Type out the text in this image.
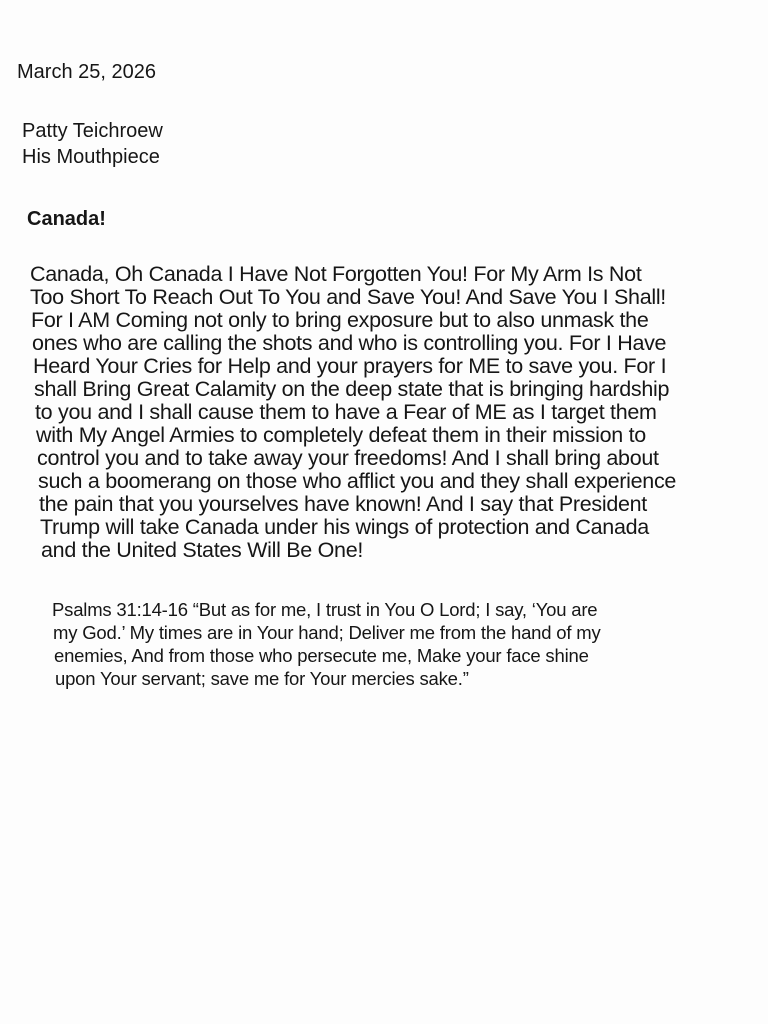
March 25, 2026
Patty Teichroew
His Mouthpiece
Canada!
Canada, Oh Canada I Have Not Forgotten You! For My Arm Is Not
Too Short To Reach Out To You and Save You! And Save You I Shall!
For I AM Coming not only to bring exposure but to also unmask the
ones who are calling the shots and who is controlling you. For I Have
Heard Your Cries for Help and your prayers for ME to save you. For I
shall Bring Great Calamity on the deep state that is bringing hardship
to you and I shall cause them to have a Fear of ME as I target them
with My Angel Armies to completely defeat them in their mission to
control you and to take away your freedoms! And I shall bring about
such a boomerang on those who afflict you and they shall experience
the pain that you yourselves have known! And I say that President
Trump will take Canada under his wings of protection and Canada
and the United States Will Be One!
Psalms 31:14-16 “But as for me, I trust in You O Lord; I say, ‘You are
my God.’ My times are in Your hand; Deliver me from the hand of my
enemies, And from those who persecute me, Make your face shine
upon Your servant; save me for Your mercies sake.”
